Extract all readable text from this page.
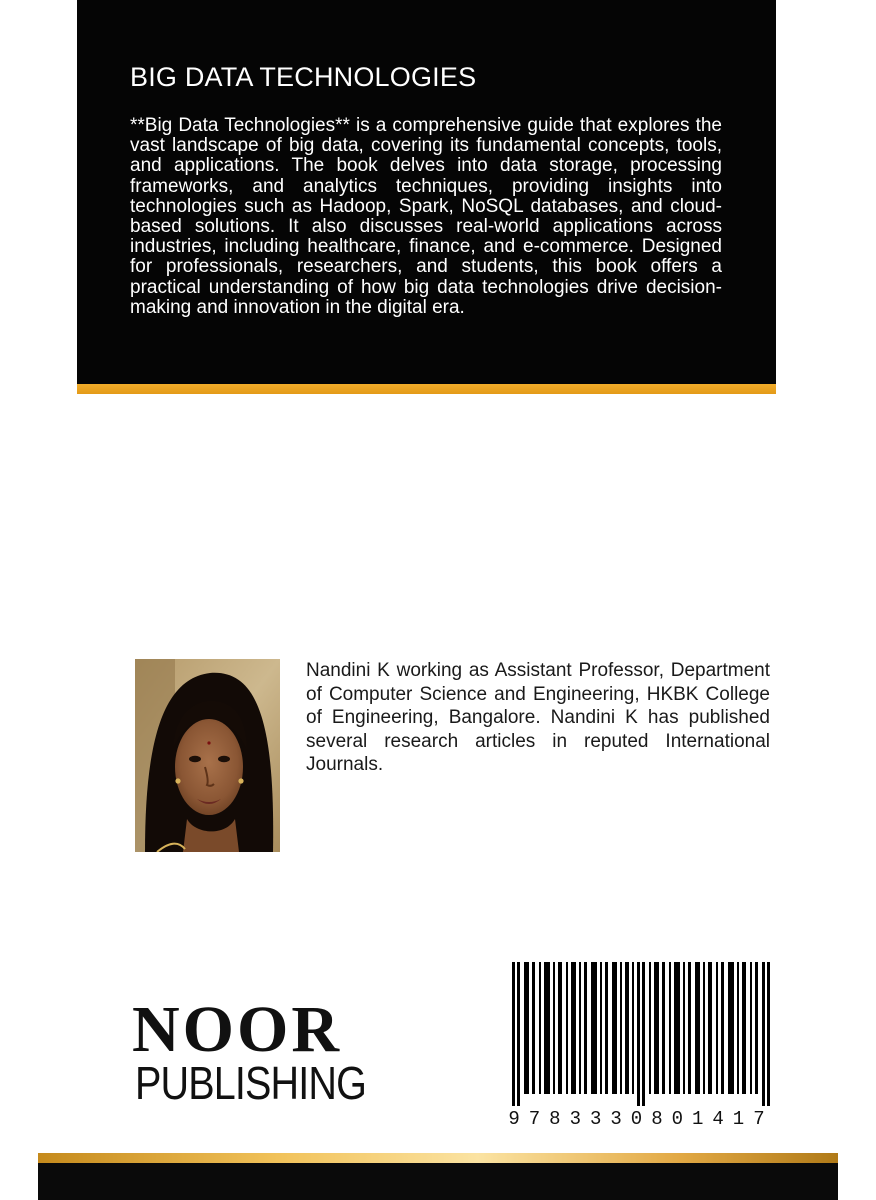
BIG DATA TECHNOLOGIES
**Big Data Technologies** is a comprehensive guide that explores the vast landscape of big data, covering its fundamental concepts, tools, and applications. The book delves into data storage, processing frameworks, and analytics techniques, providing insights into technologies such as Hadoop, Spark, NoSQL databases, and cloud-based solutions. It also discusses real-world applications across industries, including healthcare, finance, and e-commerce. Designed for professionals, researchers, and students, this book offers a practical understanding of how big data technologies drive decision-making and innovation in the digital era.
Nandini K working as Assistant Professor, Department of Computer Science and Engineering, HKBK College of Engineering, Bangalore. Nandini K has published several research articles in reputed International Journals.
NOOR
PUBLISHING
9783330801417
